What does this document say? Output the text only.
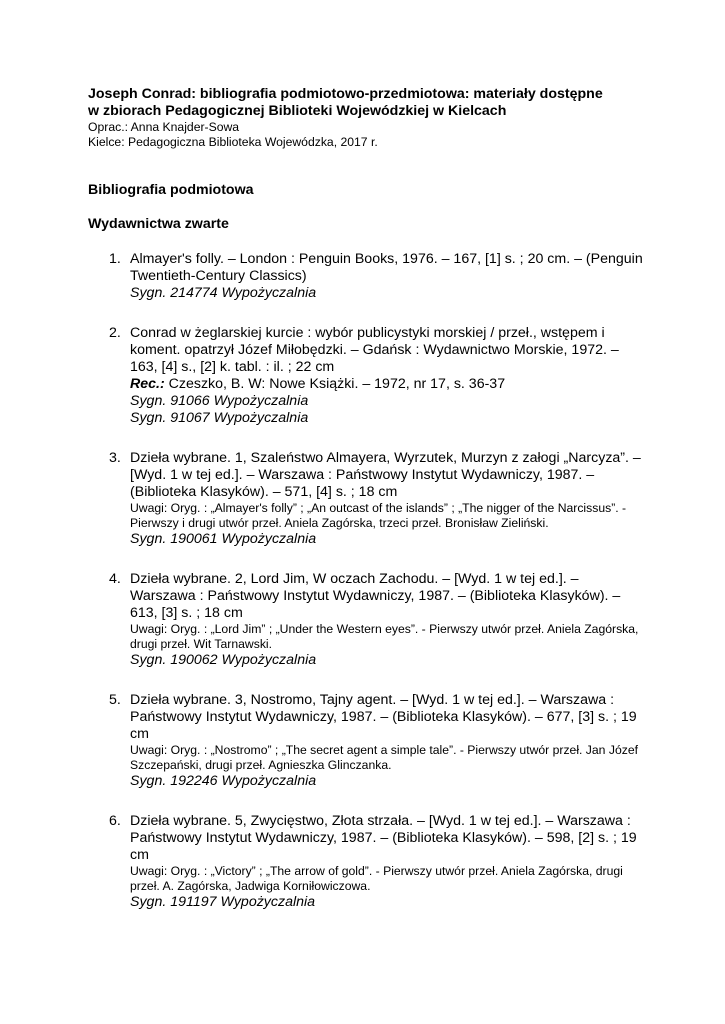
Joseph Conrad: bibliografia podmiotowo-przedmiotowa: materiały dostępne

w zbiorach Pedagogicznej Biblioteki Wojewódzkiej w Kielcach

Oprac.: Anna Knajder-Sowa

Kielce: Pedagogiczna Biblioteka Wojewódzka, 2017 r.

Bibliografia podmiotowa

Wydawnictwa zwarte

1. Almayer's folly. – London : Penguin Books, 1976. – 167, [1] s. ; 20 cm. – (Penguin Twentieth-Century Classics)
Sygn. 214774 Wypożyczalnia
2. Conrad w żeglarskiej kurcie : wybór publicystyki morskiej / przeł., wstępem i koment. opatrzył Józef Miłobędzki. – Gdańsk : Wydawnictwo Morskie, 1972. – 163, [4] s., [2] k. tabl. : il. ; 22 cm
Rec.: Czeszko, B. W: Nowe Książki. – 1972, nr 17, s. 36-37
Sygn. 91066 Wypożyczalnia
Sygn. 91067 Wypożyczalnia
3. Dzieła wybrane. 1, Szaleństwo Almayera, Wyrzutek, Murzyn z załogi „Narcyza”. – [Wyd. 1 w tej ed.]. – Warszawa : Państwowy Instytut Wydawniczy, 1987. – (Biblioteka Klasyków). – 571, [4] s. ; 18 cm
Uwagi: Oryg. : „Almayer's folly” ; „An outcast of the islands” ; „The nigger of the Narcissus”. - Pierwszy i drugi utwór przeł. Aniela Zagórska, trzeci przeł. Bronisław Zieliński.
Sygn. 190061 Wypożyczalnia
4. Dzieła wybrane. 2, Lord Jim, W oczach Zachodu. – [Wyd. 1 w tej ed.]. – Warszawa : Państwowy Instytut Wydawniczy, 1987. – (Biblioteka Klasyków). – 613, [3] s. ; 18 cm
Uwagi: Oryg. : „Lord Jim” ; „Under the Western eyes”. - Pierwszy utwór przeł. Aniela Zagórska, drugi przeł. Wit Tarnawski.
Sygn. 190062 Wypożyczalnia
5. Dzieła wybrane. 3, Nostromo, Tajny agent. – [Wyd. 1 w tej ed.]. – Warszawa : Państwowy Instytut Wydawniczy, 1987. – (Biblioteka Klasyków). – 677, [3] s. ; 19 cm
Uwagi: Oryg. : „Nostromo” ; „The secret agent a simple tale”. - Pierwszy utwór przeł. Jan Józef Szczepański, drugi przeł. Agnieszka Glinczanka.
Sygn. 192246 Wypożyczalnia
6. Dzieła wybrane. 5, Zwycięstwo, Złota strzała. – [Wyd. 1 w tej ed.]. – Warszawa : Państwowy Instytut Wydawniczy, 1987. – (Biblioteka Klasyków). – 598, [2] s. ; 19 cm
Uwagi: Oryg. : „Victory” ; „The arrow of gold”. - Pierwszy utwór przeł. Aniela Zagórska, drugi przeł. A. Zagórska, Jadwiga Korniłowiczowa.
Sygn. 191197 Wypożyczalnia
